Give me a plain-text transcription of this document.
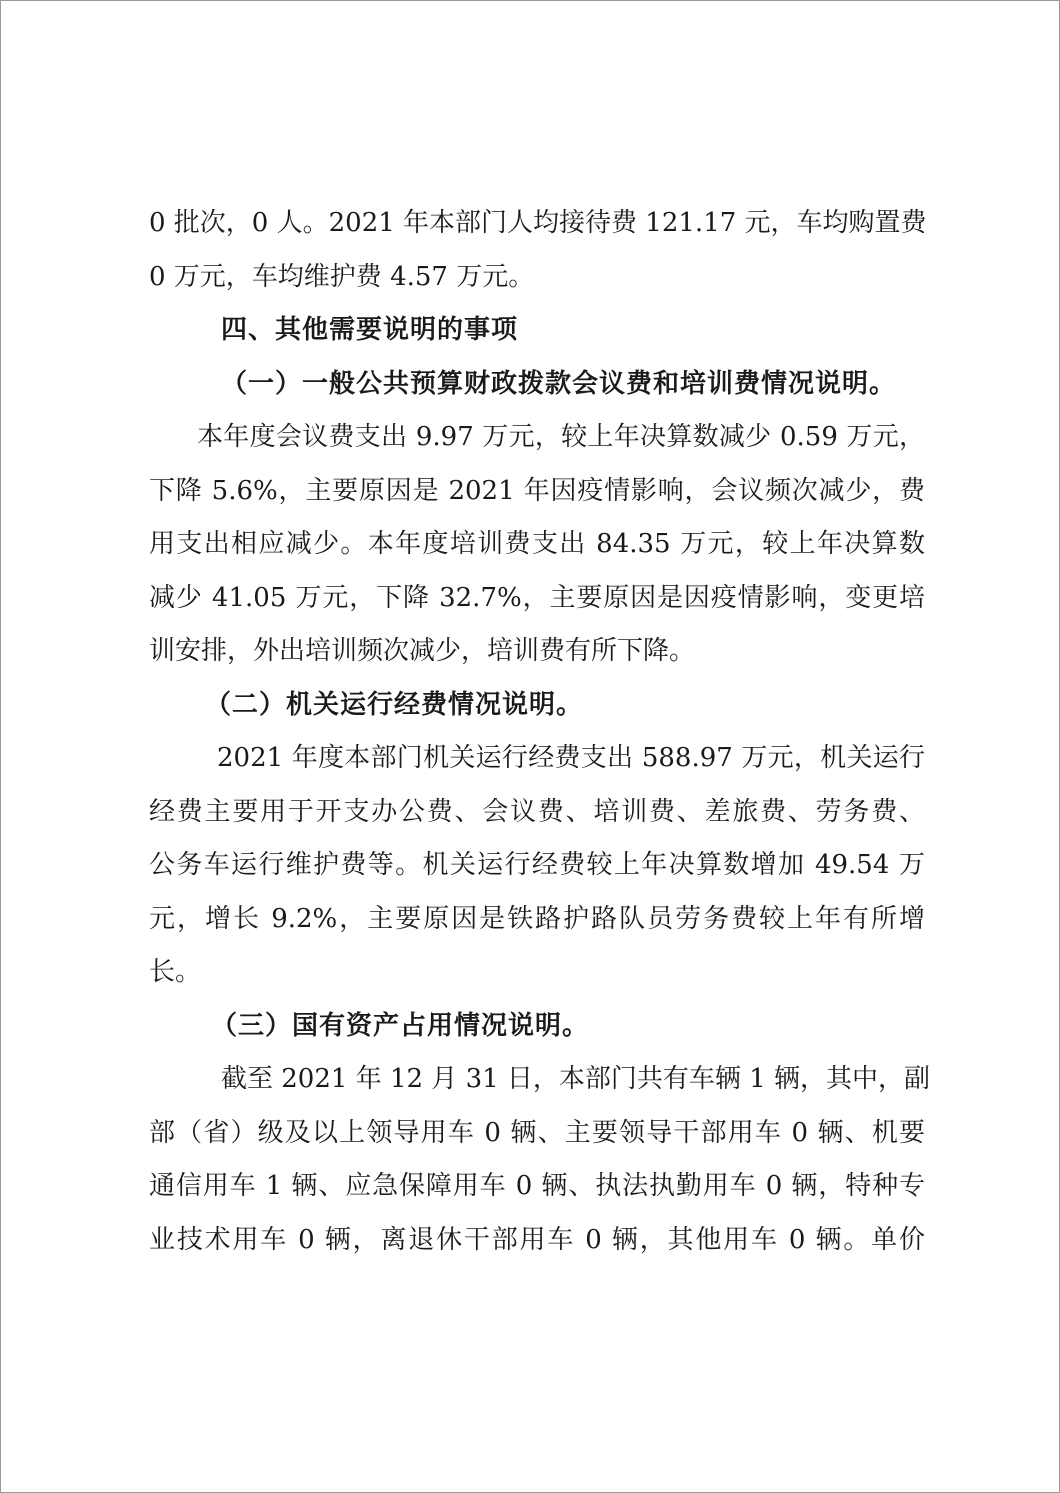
0 批次，0 人。2021 年本部门人均接待费 121.17 元，车均购置费
0 万元，车均维护费 4.57 万元。
四、其他需要说明的事项
（一）一般公共预算财政拨款会议费和培训费情况说明。
本年度会议费支出 9.97 万元，较上年决算数减少 0.59 万元，
下降 5.6%，主要原因是 2021 年因疫情影响，会议频次减少，费
用支出相应减少。本年度培训费支出 84.35 万元，较上年决算数
减少 41.05 万元，下降 32.7%，主要原因是因疫情影响，变更培
训安排，外出培训频次减少，培训费有所下降。
（二）机关运行经费情况说明。
2021 年度本部门机关运行经费支出 588.97 万元，机关运行
经费主要用于开支办公费、会议费、培训费、差旅费、劳务费、
公务车运行维护费等。机关运行经费较上年决算数增加 49.54 万
元，增长 9.2%，主要原因是铁路护路队员劳务费较上年有所增
长。
（三）国有资产占用情况说明。
截至 2021 年 12 月 31 日，本部门共有车辆 1 辆，其中，副
部（省）级及以上领导用车 0 辆、主要领导干部用车 0 辆、机要
通信用车 1 辆、应急保障用车 0 辆、执法执勤用车 0 辆，特种专
业技术用车 0 辆，离退休干部用车 0 辆，其他用车 0 辆。单价
